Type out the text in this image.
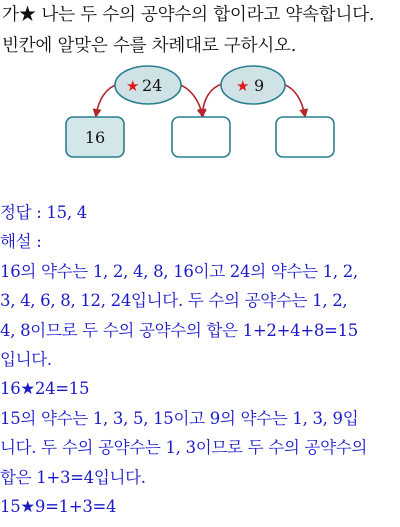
가★ 나는 두 수의 공약수의 합이라고 약속합니다.
빈칸에 알맞은 수를 차례대로 구하시오.
★ 24	★ 9
16

정답 : 15, 4

해설 :

16의 약수는 1, 2, 4, 8, 16이고 24의 약수는 1, 2,

3, 4, 6, 8, 12, 24입니다. 두 수의 공약수는 1, 2,

4, 8이므로 두 수의 공약수의 합은 1+2+4+8=15

입니다.

16★24=15

15의 약수는 1, 3, 5, 15이고 9의 약수는 1, 3, 9입

니다. 두 수의 공약수는 1, 3이므로 두 수의 공약수의

합은 1+3=4입니다.

15★9=1+3=4
